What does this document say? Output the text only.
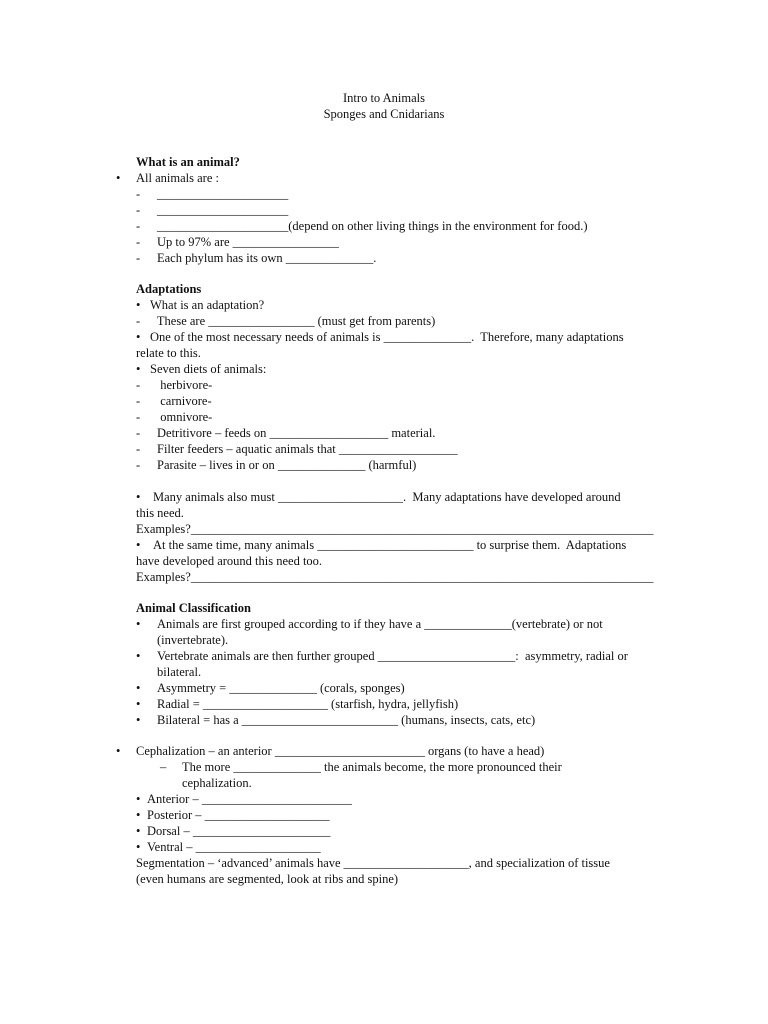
Intro to Animals
Sponges and Cnidarians
What is an animal?
• All animals are :
- _____________________
- _____________________
- _____________________(depend on other living things in the environment for food.)
- Up to 97% are _________________
- Each phylum has its own ______________.
Adaptations
• What is an adaptation?
- These are _________________ (must get from parents)
• One of the most necessary needs of animals is ______________.  Therefore, many adaptations
relate to this.
• Seven diets of animals:
- herbivore-
- carnivore-
- omnivore-
- Detritivore – feeds on ___________________ material.
- Filter feeders – aquatic animals that ___________________
- Parasite – lives in or on ______________ (harmful)
• Many animals also must ____________________.  Many adaptations have developed around
this need.
Examples?__________________________________________________________________________
• At the same time, many animals _________________________ to surprise them.  Adaptations
have developed around this need too.
Examples?__________________________________________________________________________
Animal Classification
• Animals are first grouped according to if they have a ______________(vertebrate) or not
(invertebrate).
• Vertebrate animals are then further grouped ______________________:  asymmetry, radial or
bilateral.
• Asymmetry = ______________ (corals, sponges)
• Radial = ____________________ (starfish, hydra, jellyfish)
• Bilateral = has a _________________________ (humans, insects, cats, etc)
• Cephalization – an anterior ________________________ organs (to have a head)
– The more ______________ the animals become, the more pronounced their
cephalization.
• Anterior – ________________________
• Posterior – ____________________
• Dorsal – ______________________
• Ventral – ____________________
Segmentation – ‘advanced’ animals have ____________________, and specialization of tissue
(even humans are segmented, look at ribs and spine)
